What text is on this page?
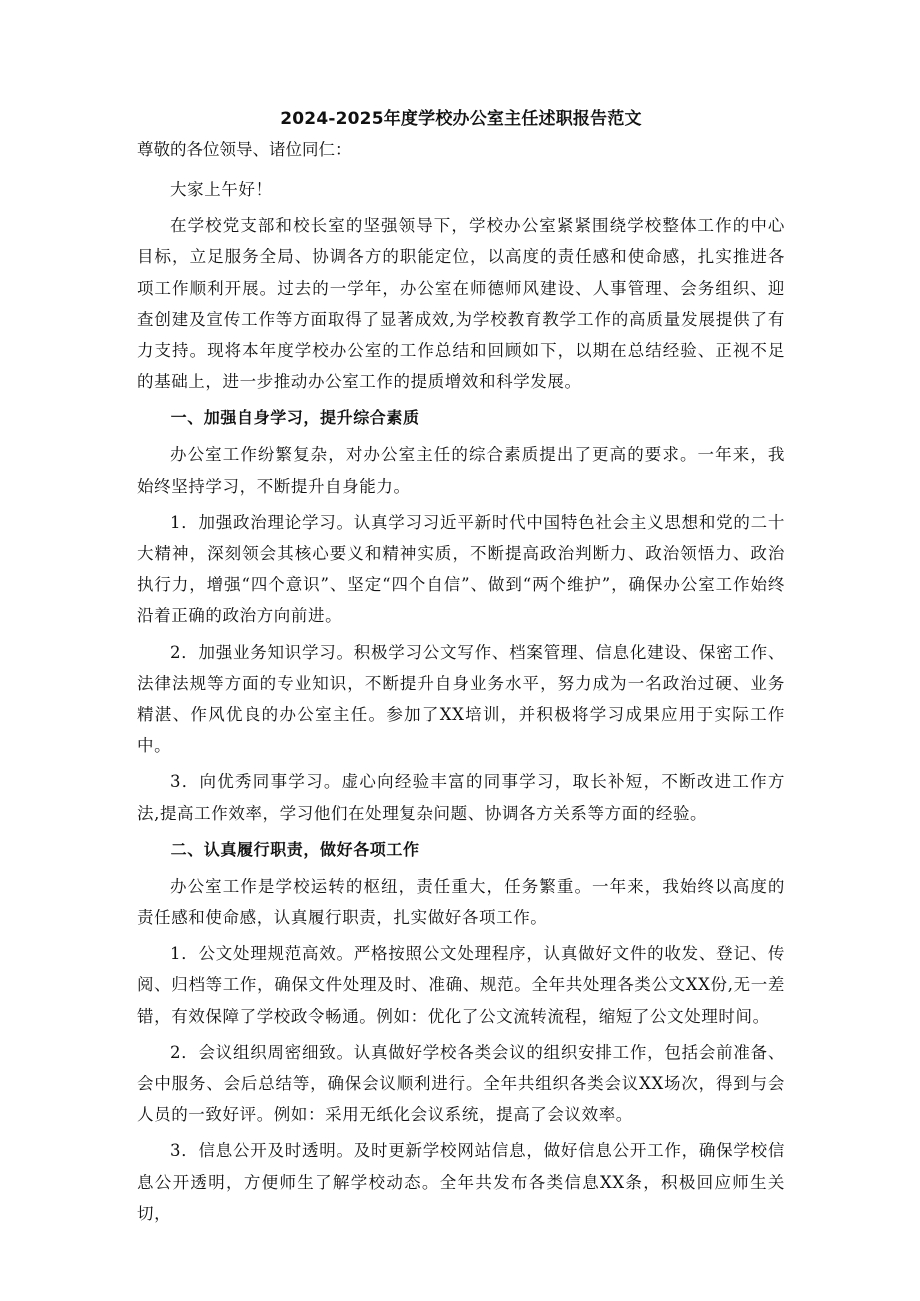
2024-2025年度学校办公室主任述职报告范文

尊敬的各位领导、诸位同仁：

大家上午好！

在学校党支部和校长室的坚强领导下，学校办公室紧紧围绕学校整体工作的中心目标，立足服务全局、协调各方的职能定位，以高度的责任感和使命感，扎实推进各项工作顺利开展。过去的一学年，办公室在师德师风建设、人事管理、会务组织、迎查创建及宣传工作等方面取得了显著成效,为学校教育教学工作的高质量发展提供了有力支持。现将本年度学校办公室的工作总结和回顾如下，以期在总结经验、正视不足的基础上，进一步推动办公室工作的提质增效和科学发展。

一、加强自身学习，提升综合素质

办公室工作纷繁复杂，对办公室主任的综合素质提出了更高的要求。一年来，我始终坚持学习，不断提升自身能力。

1．加强政治理论学习。认真学习习近平新时代中国特色社会主义思想和党的二十大精神，深刻领会其核心要义和精神实质，不断提高政治判断力、政治领悟力、政治执行力，增强“四个意识”、坚定“四个自信”、做到“两个维护”，确保办公室工作始终沿着正确的政治方向前进。

2．加强业务知识学习。积极学习公文写作、档案管理、信息化建设、保密工作、法律法规等方面的专业知识，不断提升自身业务水平，努力成为一名政治过硬、业务精湛、作风优良的办公室主任。参加了XX培训，并积极将学习成果应用于实际工作中。

3．向优秀同事学习。虚心向经验丰富的同事学习，取长补短，不断改进工作方法,提高工作效率，学习他们在处理复杂问题、协调各方关系等方面的经验。

二、认真履行职责，做好各项工作

办公室工作是学校运转的枢纽，责任重大，任务繁重。一年来，我始终以高度的责任感和使命感，认真履行职责，扎实做好各项工作。

1．公文处理规范高效。严格按照公文处理程序，认真做好文件的收发、登记、传阅、归档等工作，确保文件处理及时、准确、规范。全年共处理各类公文XX份,无一差错，有效保障了学校政令畅通。例如：优化了公文流转流程，缩短了公文处理时间。

2．会议组织周密细致。认真做好学校各类会议的组织安排工作，包括会前准备、会中服务、会后总结等，确保会议顺利进行。全年共组织各类会议XX场次，得到与会人员的一致好评。例如：采用无纸化会议系统，提高了会议效率。

3．信息公开及时透明。及时更新学校网站信息，做好信息公开工作，确保学校信息公开透明，方便师生了解学校动态。全年共发布各类信息XX条，积极回应师生关切，
